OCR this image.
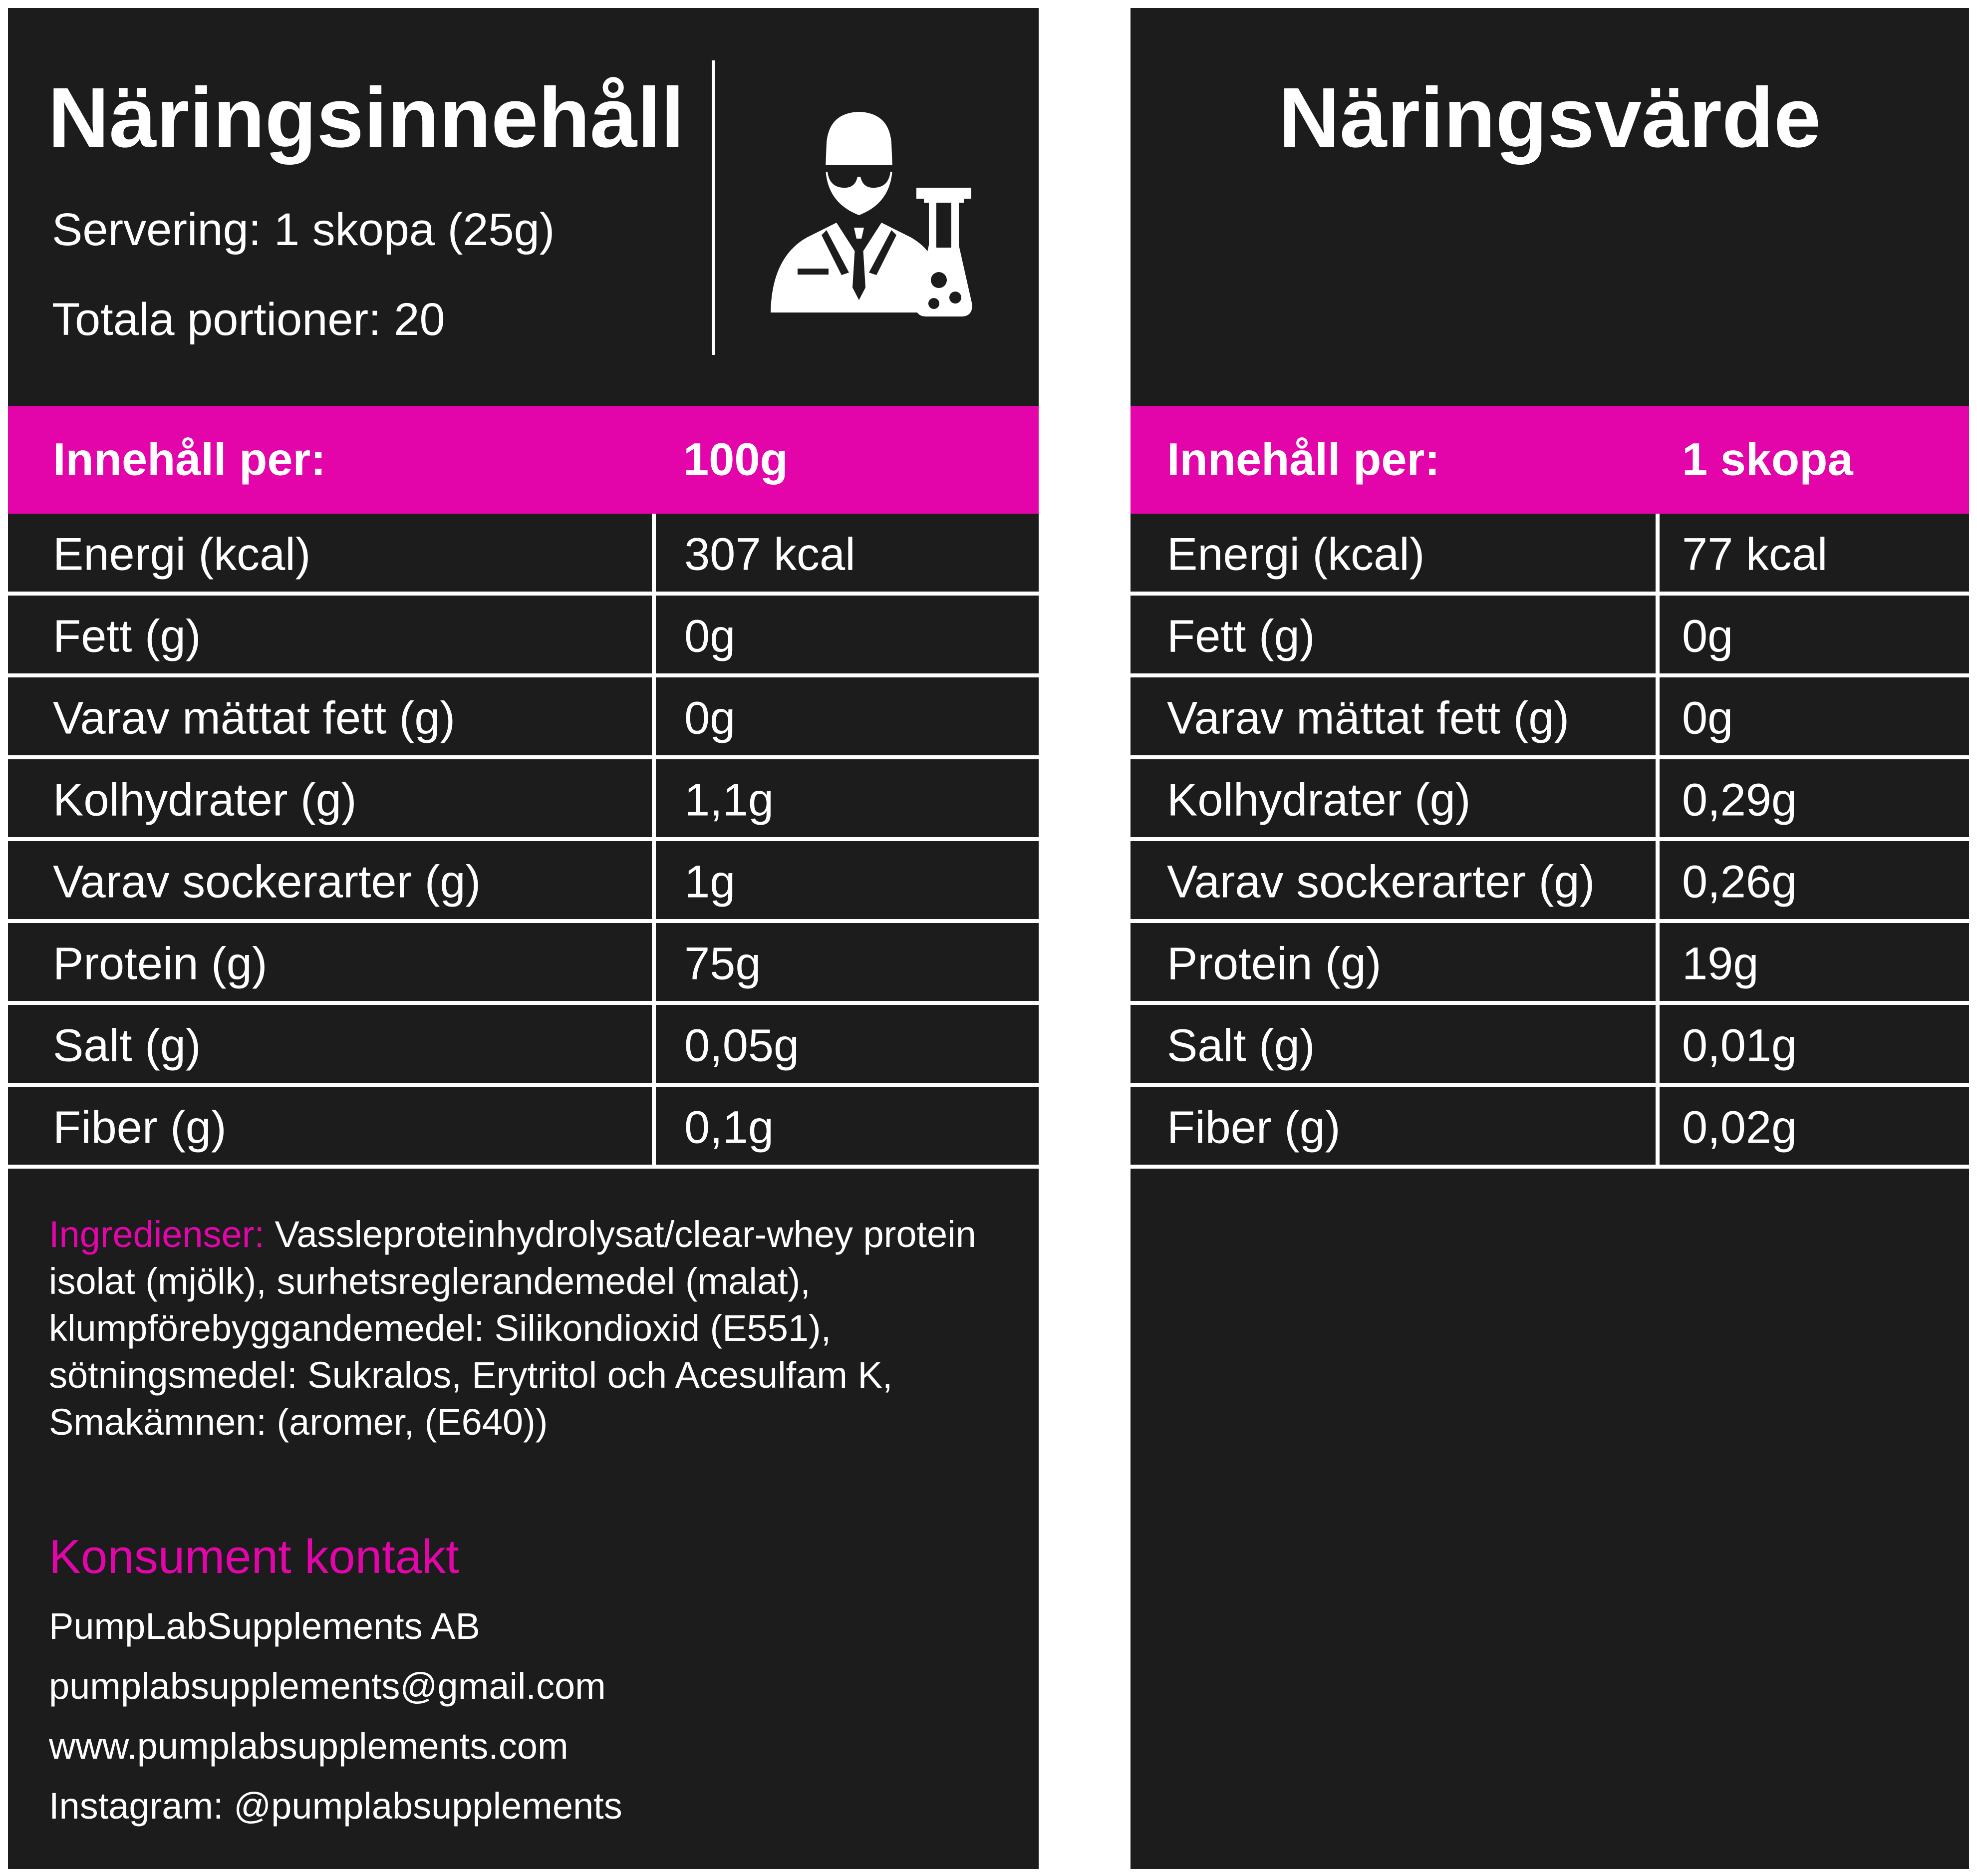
Näringsinnehåll
Servering: 1 skopa (25g)
Totala portioner: 20
Innehåll per:	100g
Energi (kcal)	307 kcal
Fett (g)	0g
Varav mättat fett (g)	0g
Kolhydrater (g)	1,1g
Varav sockerarter (g)	1g
Protein (g)	75g
Salt (g)	0,05g
Fiber (g)	0,1g

Ingredienser: Vassleproteinhydrolysat/clear-whey protein isolat (mjölk), surhetsreglerandemedel (malat), klumpförebyggandemedel: Silikondioxid (E551), sötningsmedel: Sukralos, Erytritol och Acesulfam K, Smakämnen: (aromer, (E640))

Konsument kontakt
PumpLabSupplements AB
pumplabsupplements@gmail.com
www.pumplabsupplements.com
Instagram: @pumplabsupplements
Näringsvärde
Innehåll per:	1 skopa
Energi (kcal)	77 kcal
Fett (g)	0g
Varav mättat fett (g) 0g
Kolhydrater (g)	0,29g
Varav sockerarter (g) 0,26g
Protein (g)	19g
Salt (g)	0,01g
Fiber (g)	0,02g
